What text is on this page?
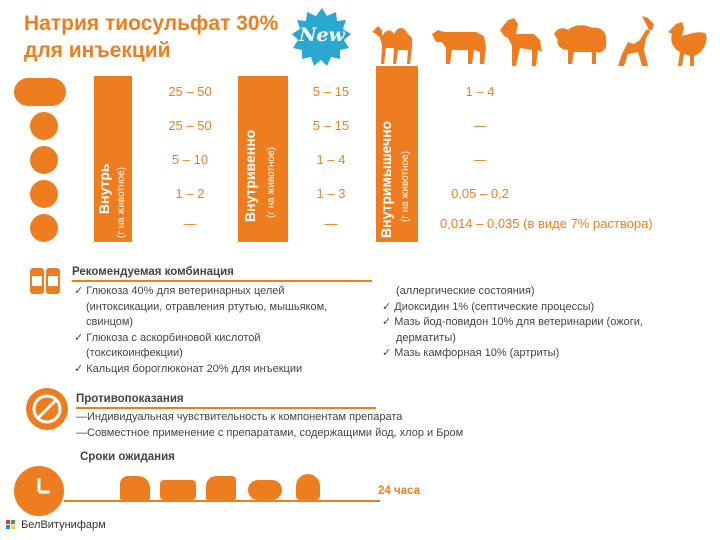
Натрия тиосульфат 30%
для инъекций
New
Внутрь (г на животное)	Внутривенно (г на животное)	Внутримышечно (г на животное)
25 – 50
25 – 50
5 – 10
1 – 2
—
5 – 15
5 – 15
1 – 4
1 – 3
—
1 – 4
—
—
0,05 – 0,2
0,014 – 0,035 (в виде 7% раствора)
Рекомендуемая комбинация
✓ Глюкоза 40% для ветеринарных целей
(интоксикации, отравления ртутью, мышьяком,
свинцом)
✓ Глюкоза с аскорбиновой кислотой
(токсикоинфекции)
✓ Кальция бороглюконат 20% для инъекции
(аллергические состояния)
✓ Диоксидин 1% (септические процессы)
✓ Мазь йод-повидон 10% для ветеринарии (ожоги,
дерматиты)
✓ Мазь камфорная 10% (артриты)
Противопоказания
—Индивидуальная чувствительность к компонентам препарата
—Совместное применение с препаратами, содержащими йод, хлор и Бром
Сроки ожидания
24 часа

БелВитунифарм
